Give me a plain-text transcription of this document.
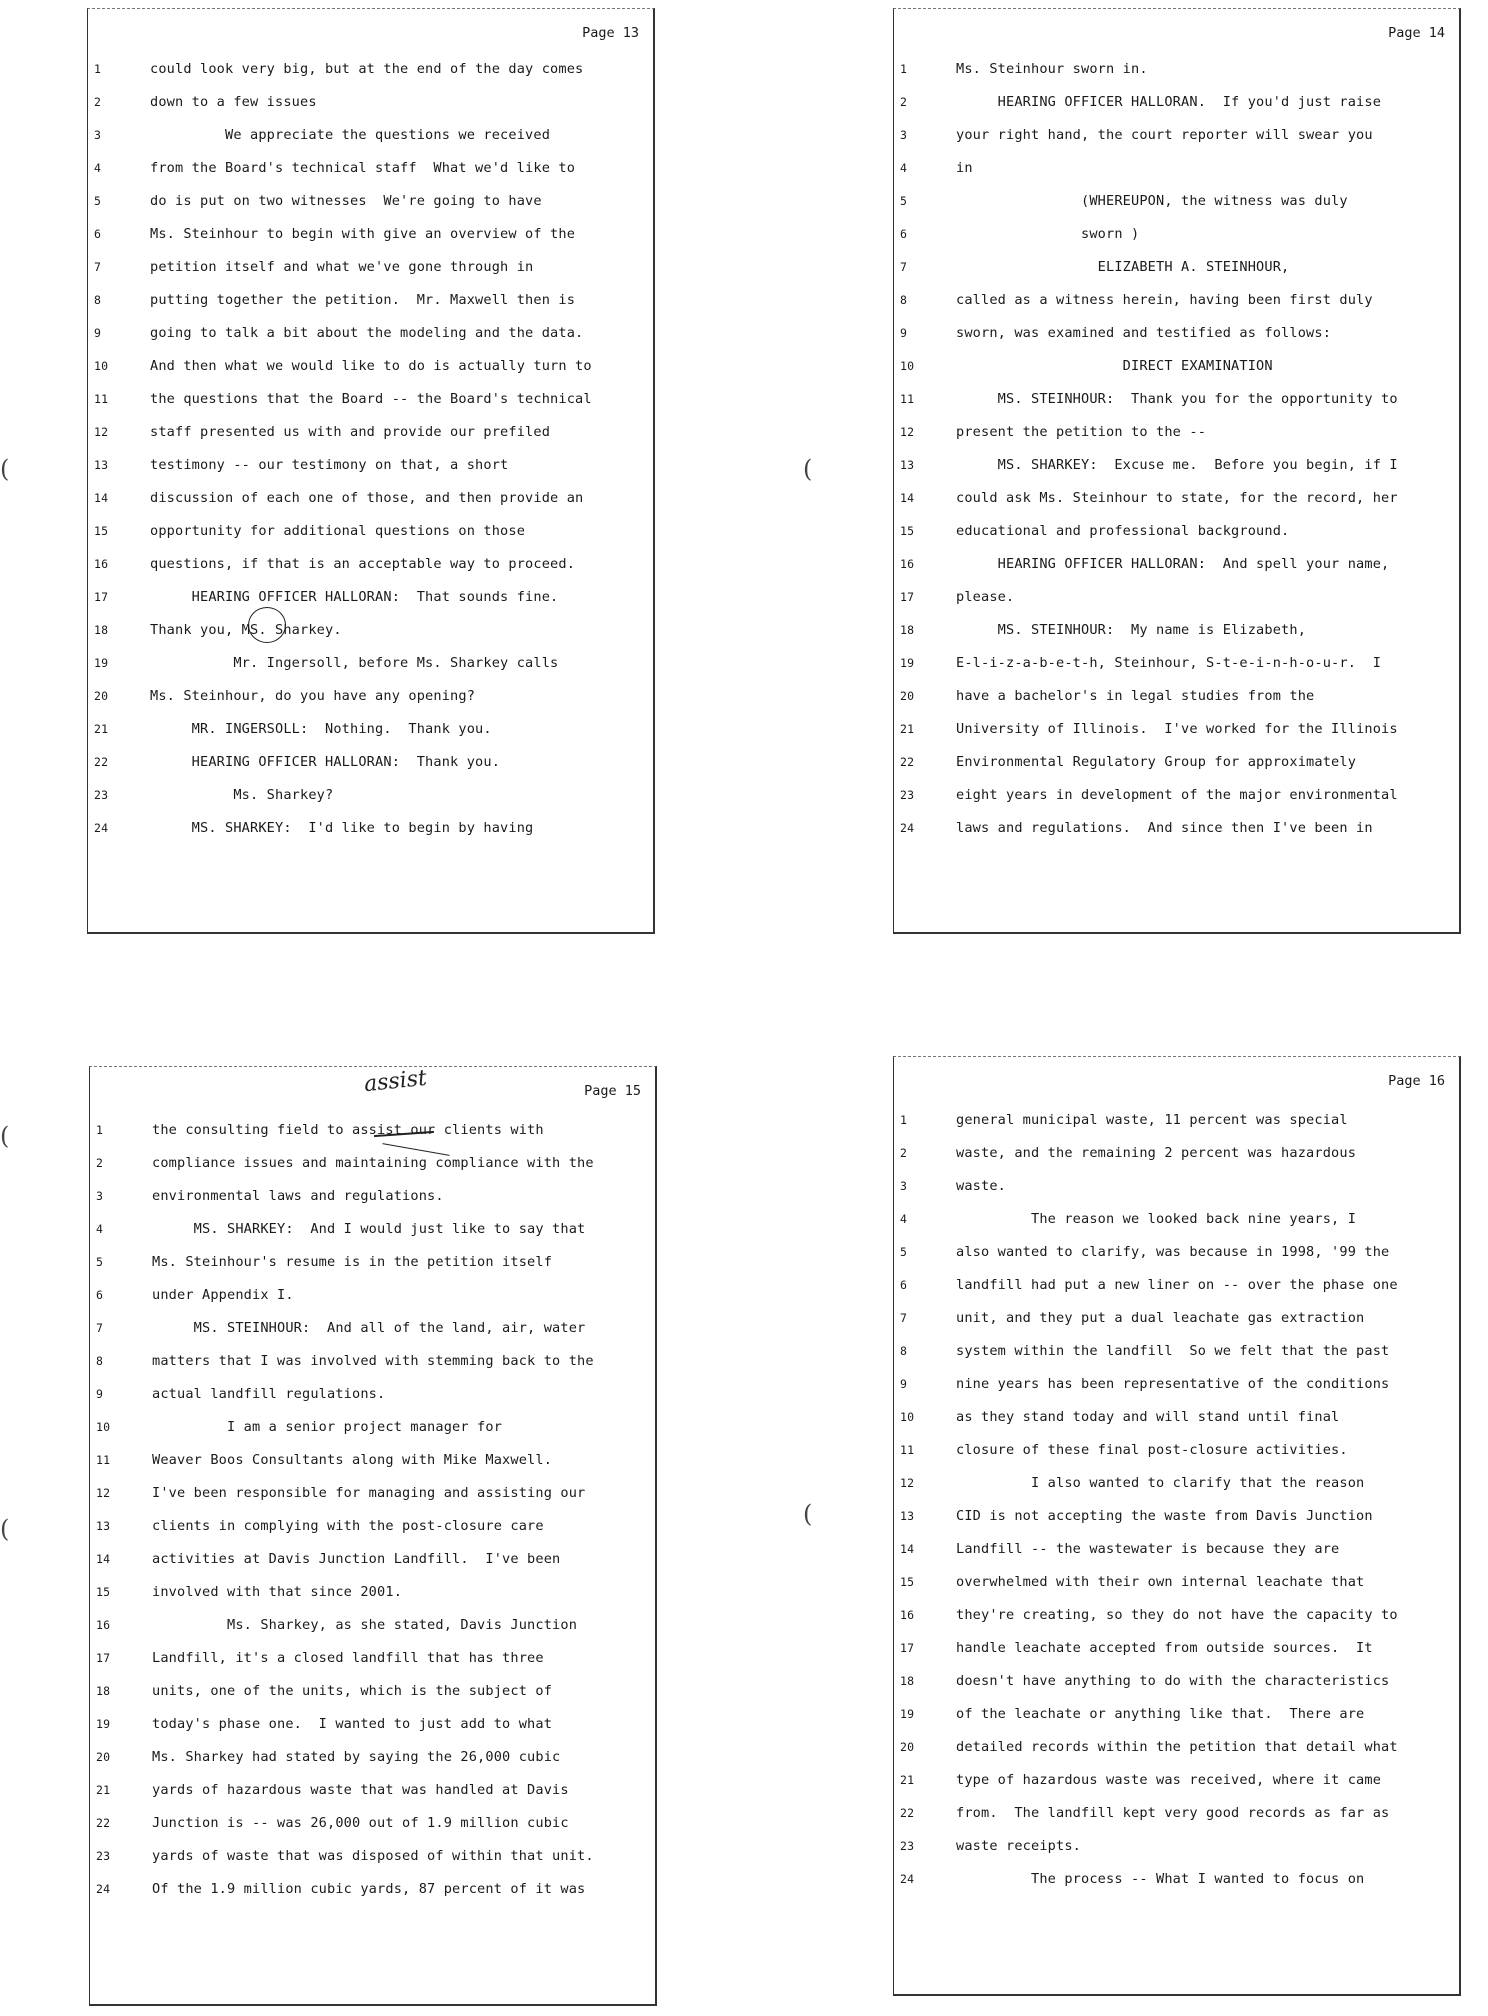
(
(
(
(
(
Page 13
1	could look very big, but at the end of the day comes
2	down to a few issues
3	We appreciate the questions we received
4	from the Board's technical staff  What we'd like to
5	do is put on two witnesses  We're going to have
6	Ms. Steinhour to begin with give an overview of the
7	petition itself and what we've gone through in
8	putting together the petition.  Mr. Maxwell then is
9	going to talk a bit about the modeling and the data.
10	And then what we would like to do is actually turn to
11	the questions that the Board -- the Board's technical
12	staff presented us with and provide our prefiled
13	testimony -- our testimony on that, a short
14	discussion of each one of those, and then provide an
15	opportunity for additional questions on those
16	questions, if that is an acceptable way to proceed.
17	HEARING OFFICER HALLORAN:  That sounds fine.
18	Thank you, MS. Sharkey.
19	Mr. Ingersoll, before Ms. Sharkey calls
20	Ms. Steinhour, do you have any opening?
21	MR. INGERSOLL:  Nothing.  Thank you.
22	HEARING OFFICER HALLORAN:  Thank you.
23	Ms. Sharkey?
24	MS. SHARKEY:  I'd like to begin by having
Page 14
1	Ms. Steinhour sworn in.
2	HEARING OFFICER HALLORAN.  If you'd just raise
3	your right hand, the court reporter will swear you
4	in
5	(WHEREUPON, the witness was duly
6	sworn )
7	ELIZABETH A. STEINHOUR,
8	called as a witness herein, having been first duly
9	sworn, was examined and testified as follows:
10	DIRECT EXAMINATION
11	MS. STEINHOUR:  Thank you for the opportunity to
12	present the petition to the --
13	MS. SHARKEY:  Excuse me.  Before you begin, if I
14	could ask Ms. Steinhour to state, for the record, her
15	educational and professional background.
16	HEARING OFFICER HALLORAN:  And spell your name,
17	please.
18	MS. STEINHOUR:  My name is Elizabeth,
19	E-l-i-z-a-b-e-t-h, Steinhour, S-t-e-i-n-h-o-u-r.  I
20	have a bachelor's in legal studies from the
21	University of Illinois.  I've worked for the Illinois
22	Environmental Regulatory Group for approximately
23	eight years in development of the major environmental
24	laws and regulations.  And since then I've been in
Page 15
assist
1	the consulting field to assist our clients with
2	compliance issues and maintaining compliance with the
3	environmental laws and regulations.
4	MS. SHARKEY:  And I would just like to say that
5	Ms. Steinhour's resume is in the petition itself
6	under Appendix I.
7	MS. STEINHOUR:  And all of the land, air, water
8	matters that I was involved with stemming back to the
9	actual landfill regulations.
10	I am a senior project manager for
11	Weaver Boos Consultants along with Mike Maxwell.
12	I've been responsible for managing and assisting our
13	clients in complying with the post-closure care
14	activities at Davis Junction Landfill.  I've been
15	involved with that since 2001.
16	Ms. Sharkey, as she stated, Davis Junction
17	Landfill, it's a closed landfill that has three
18	units, one of the units, which is the subject of
19	today's phase one.  I wanted to just add to what
20	Ms. Sharkey had stated by saying the 26,000 cubic
21	yards of hazardous waste that was handled at Davis
22	Junction is -- was 26,000 out of 1.9 million cubic
23	yards of waste that was disposed of within that unit.
24	Of the 1.9 million cubic yards, 87 percent of it was
Page 16
1	general municipal waste, 11 percent was special
2	waste, and the remaining 2 percent was hazardous
3	waste.
4	The reason we looked back nine years, I
5	also wanted to clarify, was because in 1998, '99 the
6	landfill had put a new liner on -- over the phase one
7	unit, and they put a dual leachate gas extraction
8	system within the landfill  So we felt that the past
9	nine years has been representative of the conditions
10	as they stand today and will stand until final
11	closure of these final post-closure activities.
12	I also wanted to clarify that the reason
13	CID is not accepting the waste from Davis Junction
14	Landfill -- the wastewater is because they are
15	overwhelmed with their own internal leachate that
16	they're creating, so they do not have the capacity to
17	handle leachate accepted from outside sources.  It
18	doesn't have anything to do with the characteristics
19	of the leachate or anything like that.  There are
20	detailed records within the petition that detail what
21	type of hazardous waste was received, where it came
22	from.  The landfill kept very good records as far as
23	waste receipts.
24	The process -- What I wanted to focus on
